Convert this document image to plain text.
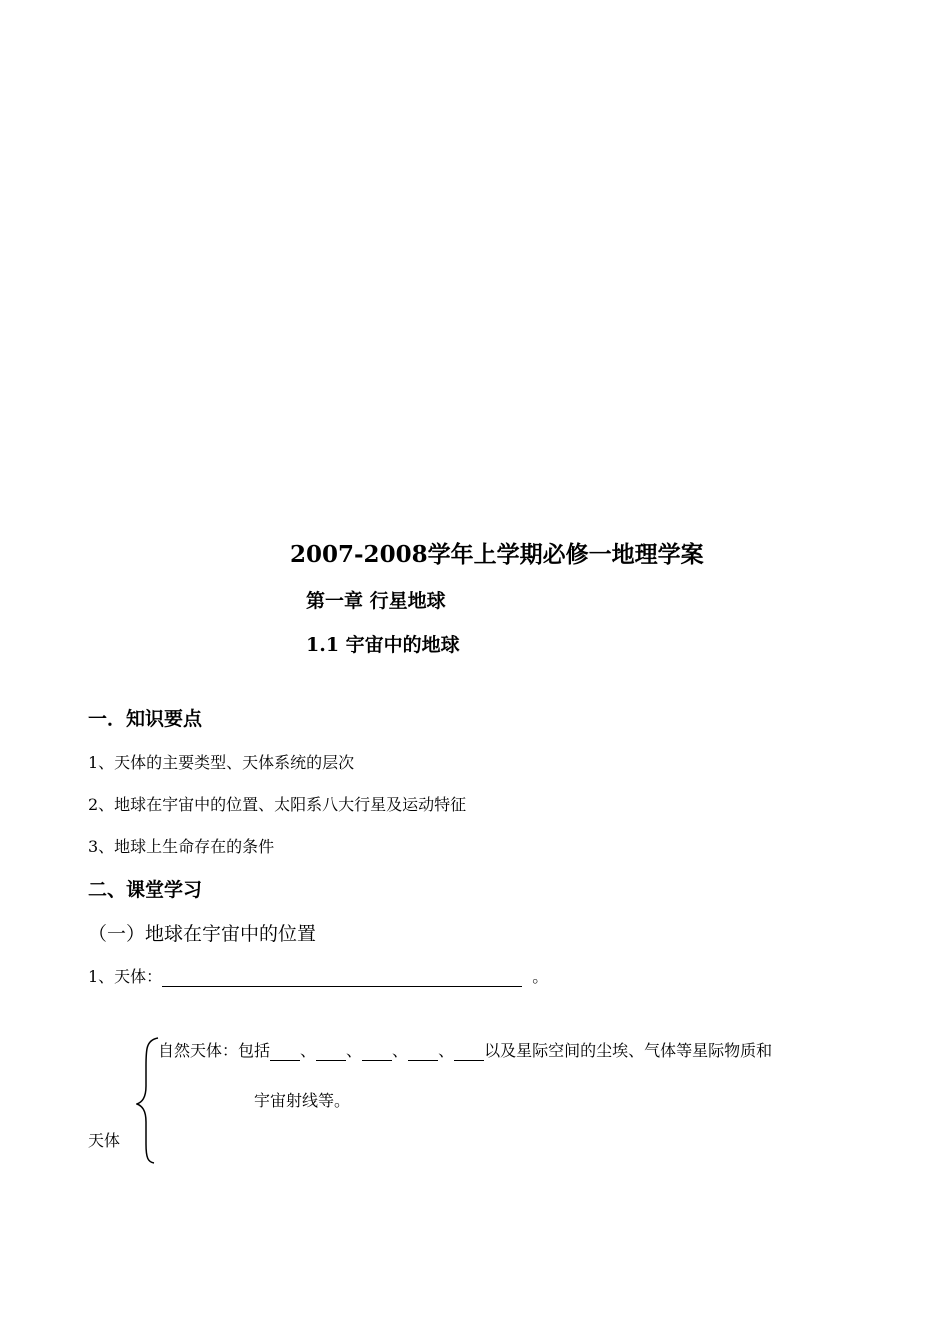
2007-2008学年上学期必修一地理学案
第一章 行星地球
1.1 宇宙中的地球
一．知识要点
1、天体的主要类型、天体系统的层次
2、地球在宇宙中的位置、太阳系八大行星及运动特征
3、地球上生命存在的条件
二、课堂学习
（一）地球在宇宙中的位置
1、天体：	。
自然天体：包括 、 、 、 、 以及星际空间的尘埃、气体等星际物质和
宇宙射线等。
天体
